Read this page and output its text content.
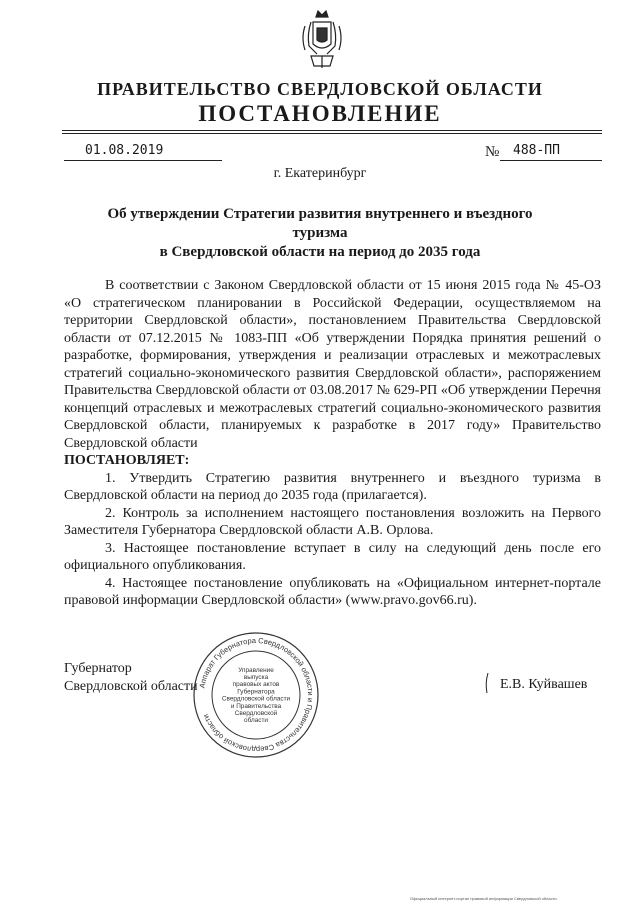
ПРАВИТЕЛЬСТВО СВЕРДЛОВСКОЙ ОБЛАСТИ
ПОСТАНОВЛЕНИЕ
01.08.2019	№ 488-ПП
г. Екатеринбург
Об утверждении Стратегии развития внутреннего и въездного туризма
в Свердловской области на период до 2035 года

В соответствии с Законом Свердловской области от 15 июня 2015 года № 45-ОЗ «О стратегическом планировании в Российской Федерации, осуществляемом на территории Свердловской области», постановлением Правительства Свердловской области от 07.12.2015 № 1083-ПП «Об утверждении Порядка принятия решений о разработке, формирования, утверждения и реализации отраслевых и межотраслевых стратегий социально-экономического развития Свердловской области», распоряжением Правительства Свердловской области от 03.08.2017 № 629-РП «Об утверждении Перечня концепций отраслевых и межотраслевых стратегий социально-экономического развития Свердловской области, планируемых к разработке в 2017 году» Правительство Свердловской области

ПОСТАНОВЛЯЕТ:

1. Утвердить Стратегию развития внутреннего и въездного туризма в Свердловской области на период до 2035 года (прилагается).

2. Контроль за исполнением настоящего постановления возложить на Первого Заместителя Губернатора Свердловской области А.В. Орлова.

3. Настоящее постановление вступает в силу на следующий день после его официального опубликования.

4. Настоящее постановление опубликовать на «Официальном интернет-портале правовой информации Свердловской области» (www.pravo.gov66.ru).

Губернатор
Свердловской области	Е.В. Куйвашев
Аппарат Губернатора Свердловской области и Правительства Свердловской области
Управление
выпуска
правовых актов
Губернатора
Свердловской области
и Правительства
Свердловской
области
Официальный интернет-портал правовой информации Свердловской области
